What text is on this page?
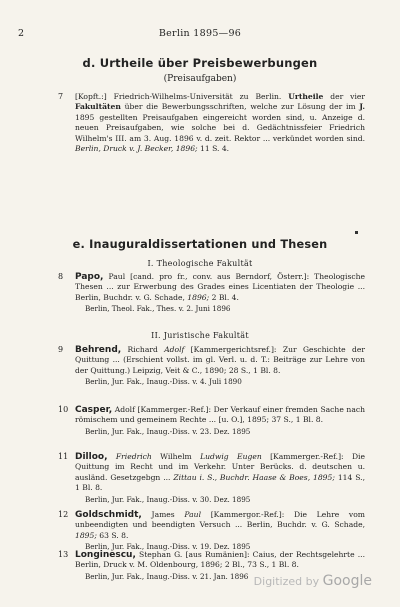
2	Berlin 1895—96
d. Urtheile über Preisbewerbungen
(Preisaufgaben)
7 [Kopft.:] Friedrich-Wilhelms-Universität zu Berlin. Urtheile der vier Fakultäten über die Bewerbungsschriften, welche zur Lösung der im J. 1895 gestellten Preisaufgaben eingereicht worden sind, u. Anzeige d. neuen Preisaufgaben, wie solche bei d. Gedächtnissfeier Friedrich Wilhelm's III. am 3. Aug. 1896 v. d. zeit. Rektor ... verkündet worden sind. Berlin, Druck v. J. Becker, 1896; 11 S. 4.
e. Inauguraldissertationen und Thesen
I. Theologische Fakultät
8 Papo, Paul [cand. pro fr., conv. aus Berndorf, Österr.]: Theologische Thesen ... zur Erwerbung des Grades eines Licentiaten der Theologie ... Berlin, Buchdr. v. G. Schade, 1896; 2 Bl. 4.
Berlin, Theol. Fak., Thes. v. 2. Juni 1896
II. Juristische Fakultät
9 Behrend, Richard Adolf [Kammergerichtsref.]: Zur Geschichte der Quittung ... (Erschient vollst. im gl. Verl. u. d. T.: Beiträge zur Lehre von der Quittung.) Leipzig, Veit & C., 1890; 28 S., 1 Bl. 8.
Berlin, Jur. Fak., Inaug.-Diss. v. 4. Juli 1890
10 Casper, Adolf [Kammerger.-Ref.]: Der Verkauf einer fremden Sache nach römischem und gemeinem Rechte ... [u. O.], 1895; 37 S., 1 Bl. 8.
Berlin, Jur. Fak., Inaug.-Diss. v. 23. Dez. 1895
11 Dilloo, Friedrich Wilhelm Ludwig Eugen [Kammerger.-Ref.]: Die Quittung im Recht und im Verkehr. Unter Berücks. d. deutschen u. ausländ. Gesetzgebgn ... Zittau i. S., Buchdr. Haase & Boes, 1895; 114 S., 1 Bl. 8.
Berlin, Jur. Fak., Inaug.-Diss. v. 30. Dez. 1895
12 Goldschmidt, James Paul [Kammergor.-Ref.]: Die Lehre vom unbeendigten und beendigten Versuch ... Berlin, Buchdr. v. G. Schade, 1895; 63 S. 8.
Berlin, Jur. Fak., Inaug.-Diss. v. 19. Dez. 1895
13 Longinescu, Stephan G. [aus Rumänien]: Caius, der Rechtsgelehrte ... Berlin, Druck v. M. Oldenbourg, 1896; 2 Bl., 73 S., 1 Bl. 8.
Berlin, Jur. Fak., Inaug.-Diss. v. 21. Jan. 1896 Digitized by Google
